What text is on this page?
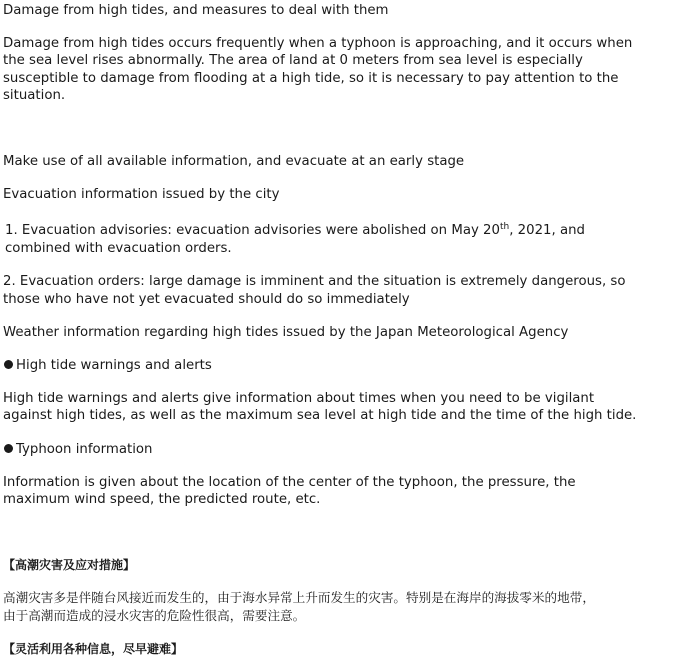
Damage from high tides, and measures to deal with them

Damage from high tides occurs frequently when a typhoon is approaching, and it occurs when

the sea level rises abnormally. The area of land at 0 meters from sea level is especially

susceptible to damage from flooding at a high tide, so it is necessary to pay attention to the

situation.

Make use of all available information, and evacuate at an early stage

Evacuation information issued by the city

1. Evacuation advisories: evacuation advisories were abolished on May 20th, 2021, and

combined with evacuation orders.

2. Evacuation orders: large damage is imminent and the situation is extremely dangerous, so

those who have not yet evacuated should do so immediately

Weather information regarding high tides issued by the Japan Meteorological Agency

High tide warnings and alerts

High tide warnings and alerts give information about times when you need to be vigilant

against high tides, as well as the maximum sea level at high tide and the time of the high tide.

Typhoon information

Information is given about the location of the center of the typhoon, the pressure, the

maximum wind speed, the predicted route, etc.

【高潮灾害及应对措施】

高潮灾害多是伴随台风接近而发生的，由于海水异常上升而发生的灾害。特别是在海岸的海拔零米的地带，

由于高潮而造成的浸水灾害的危险性很高，需要注意。

【灵活利用各种信息，尽早避难】
